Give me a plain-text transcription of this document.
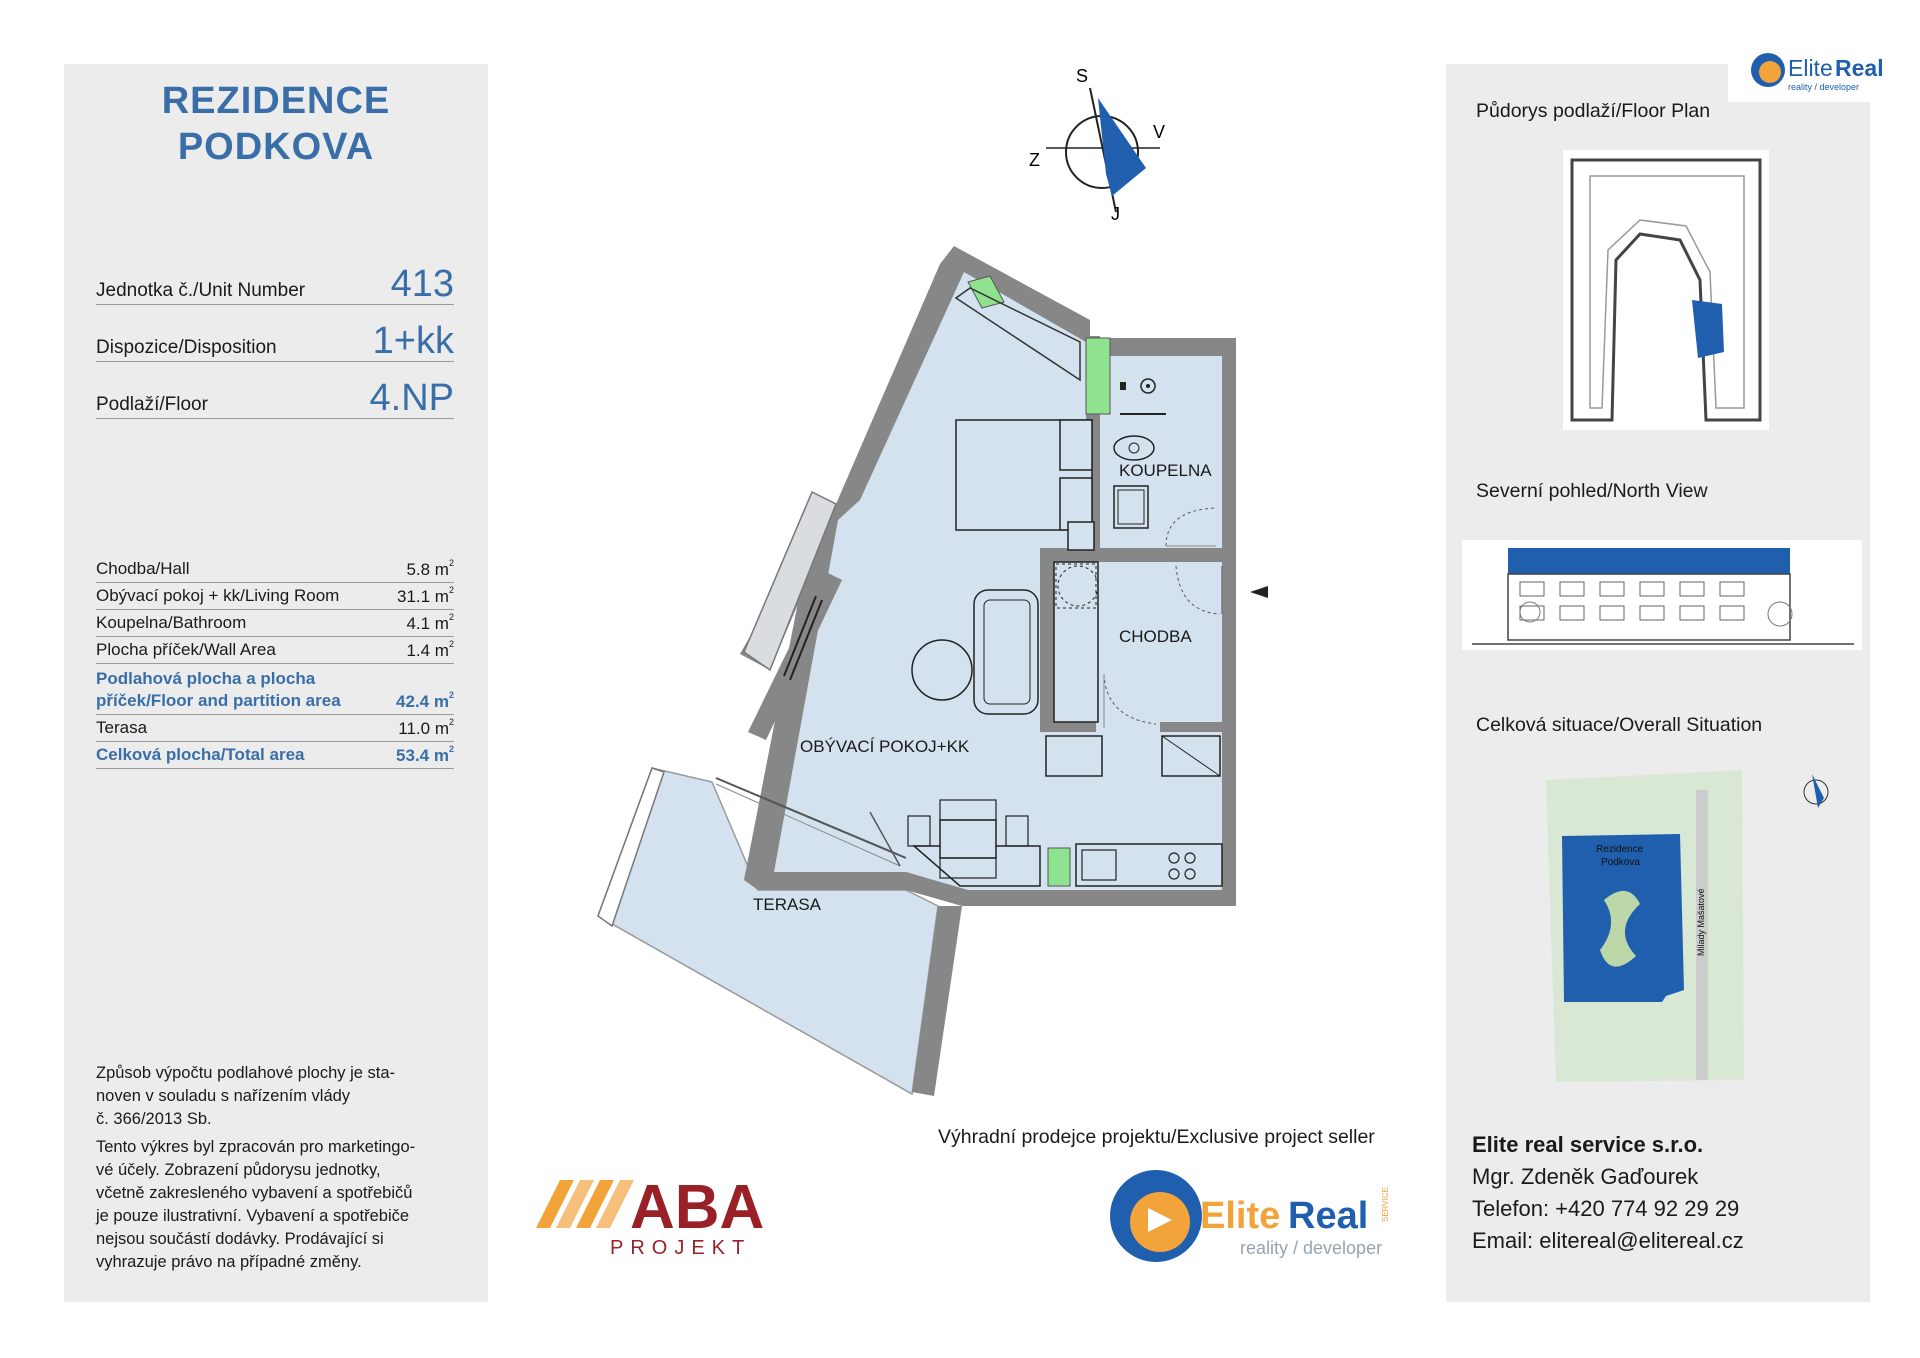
REZIDENCE
PODKOVA
Jednotka č./Unit Number 413
Dispozice/Disposition	1+kk
Podlaží/Floor	4.NP
Chodba/Hall	5.8 $m^2$
Obývací pokoj + kk/Living Room	31.1 $m^2$
Koupelna/Bathroom	4.1 $m^2$
Plocha příček/Wall Area	1.4 $m^2$
Podlahová plocha a plocha
příček/Floor and partition area	42.4 $m^2$
Terasa	11.0 $m^2$
Celková plocha/Total area	53.4 $m^2$
Způsob výpočtu podlahové plochy je sta-
noven v souladu s nařízením vlády
č. 366/2013 Sb.
Tento výkres byl zpracován pro marketingo-
vé účely. Zobrazení půdorysu jednotky,
včetně zakresleného vybavení a spotřebičů
je pouze ilustrativní. Vybavení a spotřebiče
nejsou součástí dodávky. Prodávající si
vyhrazuje právo na případné změny.
Půdorys podlaží/Floor Plan
Severní pohled/North View
Celková situace/Overall Situation
S
J
V
Z
KOUPELNA
CHODBA
OBÝVACÍ POKOJ+KK
TERASA
Elite Real
reality / developer
Rezidence
Podkova
Milady Mašatové
ABA
PROJEKT
Elite Real
reality / developer
SERVICE
Výhradní prodejce projektu/Exclusive project seller	Elite real service s.r.o.
Mgr. Zdeněk Gaďourek
Telefon: +420 774 92 29 29
Email: elitereal@elitereal.cz
